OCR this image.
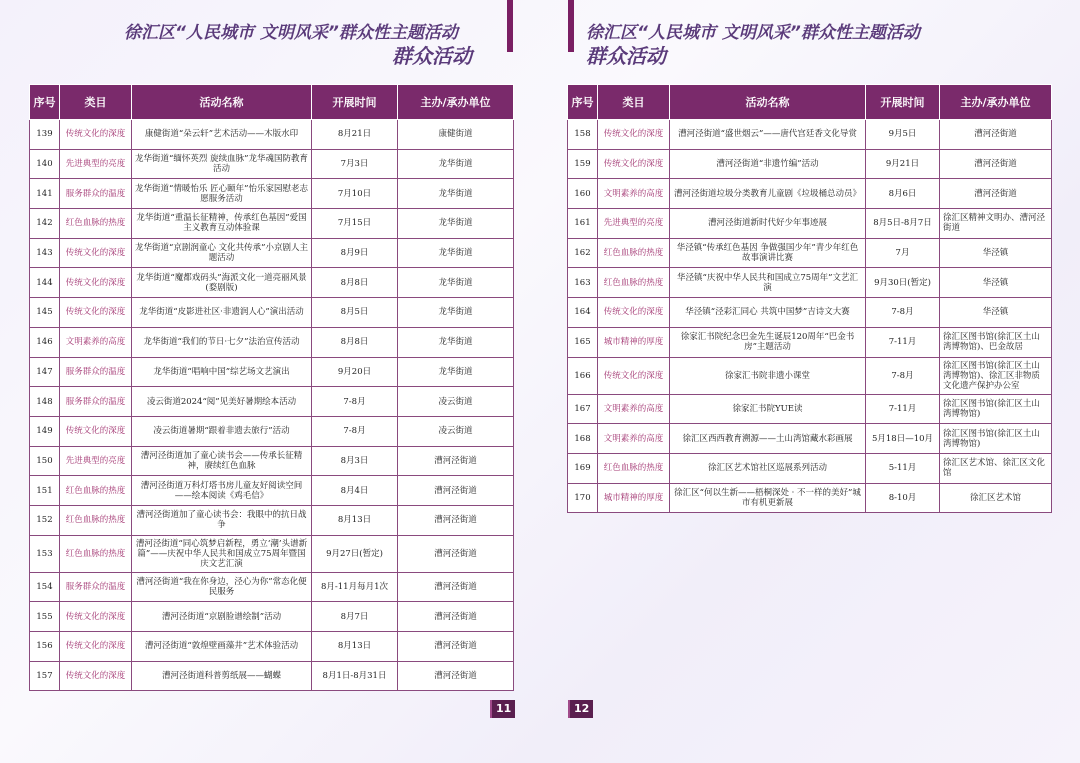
徐汇区“人民城市 文明风采”群众性主题活动
群众活动
序号	类目	活动名称	开展时间	主办/承办单位
139	传统文化的深度	康健街道“朵云轩”艺术活动——木版水印	8月21日	康健街道
140	先进典型的亮度	龙华街道“缅怀英烈 旋续血脉”龙华魂国防教育活动	7月3日	龙华街道
141	服务群众的温度	龙华街道“情暖怡乐 匠心颐年”怡乐家园慰老志愿服务活动	7月10日	龙华街道
142	红色血脉的热度	龙华街道“重温长征精神，传承红色基因”爱国主义教育互动体验课	7月15日	龙华街道
143	传统文化的深度	龙华街道“京剧润童心 文化共传承”小京剧人主题活动	8月9日	龙华街道
144	传统文化的深度	龙华街道“魔都戏码头”海派文化一道亮丽风景(婺剧版)	8月8日	龙华街道
145	传统文化的深度	龙华街道“皮影进社区·非遗润人心”演出活动	8月5日	龙华街道
146	文明素养的高度	龙华街道“我们的节日·七夕”法治宣传活动	8月8日	龙华街道
147	服务群众的温度	龙华街道“唱响中国”综艺场文艺演出	9月20日	龙华街道
148	服务群众的温度	凌云街道2024“阅”见美好暑期绘本活动	7-8月	凌云街道
149	传统文化的深度	凌云街道暑期“跟着非遗去旅行”活动	7-8月	凌云街道
150	先进典型的亮度	漕河泾街道加了童心读书会——传承长征精神，赓续红色血脉	8月3日	漕河泾街道
151	红色血脉的热度	漕河泾街道万科灯塔书房儿童友好阅读空间——绘本阅读《鸡毛信》	8月4日	漕河泾街道
152	红色血脉的热度	漕河泾街道加了童心读书会：我眼中的抗日战争	8月13日	漕河泾街道
153	红色血脉的热度	漕河泾街道“同心筑梦启新程，勇立‘潮’头谱新篇”——庆祝中华人民共和国成立75周年暨国庆文艺汇演	9月27日(暂定)	漕河泾街道
154	服务群众的温度	漕河泾街道“我在你身边，泾心为你”常态化便民服务	8月-11月每月1次	漕河泾街道
155	传统文化的深度	漕河泾街道“京剧脸谱绘制”活动	8月7日	漕河泾街道
156	传统文化的深度	漕河泾街道“敦煌壁画藻井”艺术体验活动	8月13日	漕河泾街道
157	传统文化的深度	漕河泾街道科普剪纸展——蝴蝶	8月1日-8月31日	漕河泾街道
11
徐汇区“人民城市 文明风采”群众性主题活动
群众活动
序号	类目	活动名称	开展时间	主办/承办单位
158	传统文化的深度	漕河泾街道“盛世烟云”——唐代宫廷香文化导赏	9月5日	漕河泾街道
159	传统文化的深度	漕河泾街道“非遗竹编”活动	9月21日	漕河泾街道
160	文明素养的高度	漕河泾街道垃圾分类教育儿童剧《垃圾桶总动员》	8月6日	漕河泾街道
161	先进典型的亮度	漕河泾街道新时代好少年事迹展	8月5日-8月7日	徐汇区精神文明办、漕河泾街道
162	红色血脉的热度	华泾镇“传承红色基因 争做强国少年”青少年红色故事演讲比赛	7月	华泾镇
163	红色血脉的热度	华泾镇“庆祝中华人民共和国成立75周年”文艺汇演	9月30日(暂定)	华泾镇
164	传统文化的深度	华泾镇“泾彩汇同心 共筑中国梦”吉诗文大赛	7-8月	华泾镇
165	城市精神的厚度	徐家汇书院纪念巴金先生诞辰120周年“巴金书房”主题活动	7-11月	徐汇区图书馆(徐汇区土山湾博物馆)、巴金故居
166	传统文化的深度	徐家汇书院非遗小课堂	7-8月	徐汇区图书馆(徐汇区土山湾博物馆)、徐汇区非物质文化遗产保护办公室
167	文明素养的高度	徐家汇书院YUE读	7-11月	徐汇区图书馆(徐汇区土山湾博物馆)
168	文明素养的高度	徐汇区西西教育溯源——土山湾馆藏水彩画展	5月18日—10月	徐汇区图书馆(徐汇区土山湾博物馆)
169	红色血脉的热度	徐汇区艺术馆社区巡展系列活动	5-11月	徐汇区艺术馆、徐汇区文化馆
170	城市精神的厚度	徐汇区“何以生新——梧桐深处 · 不一样的美好”城市有机更新展	8-10月	徐汇区艺术馆
12
